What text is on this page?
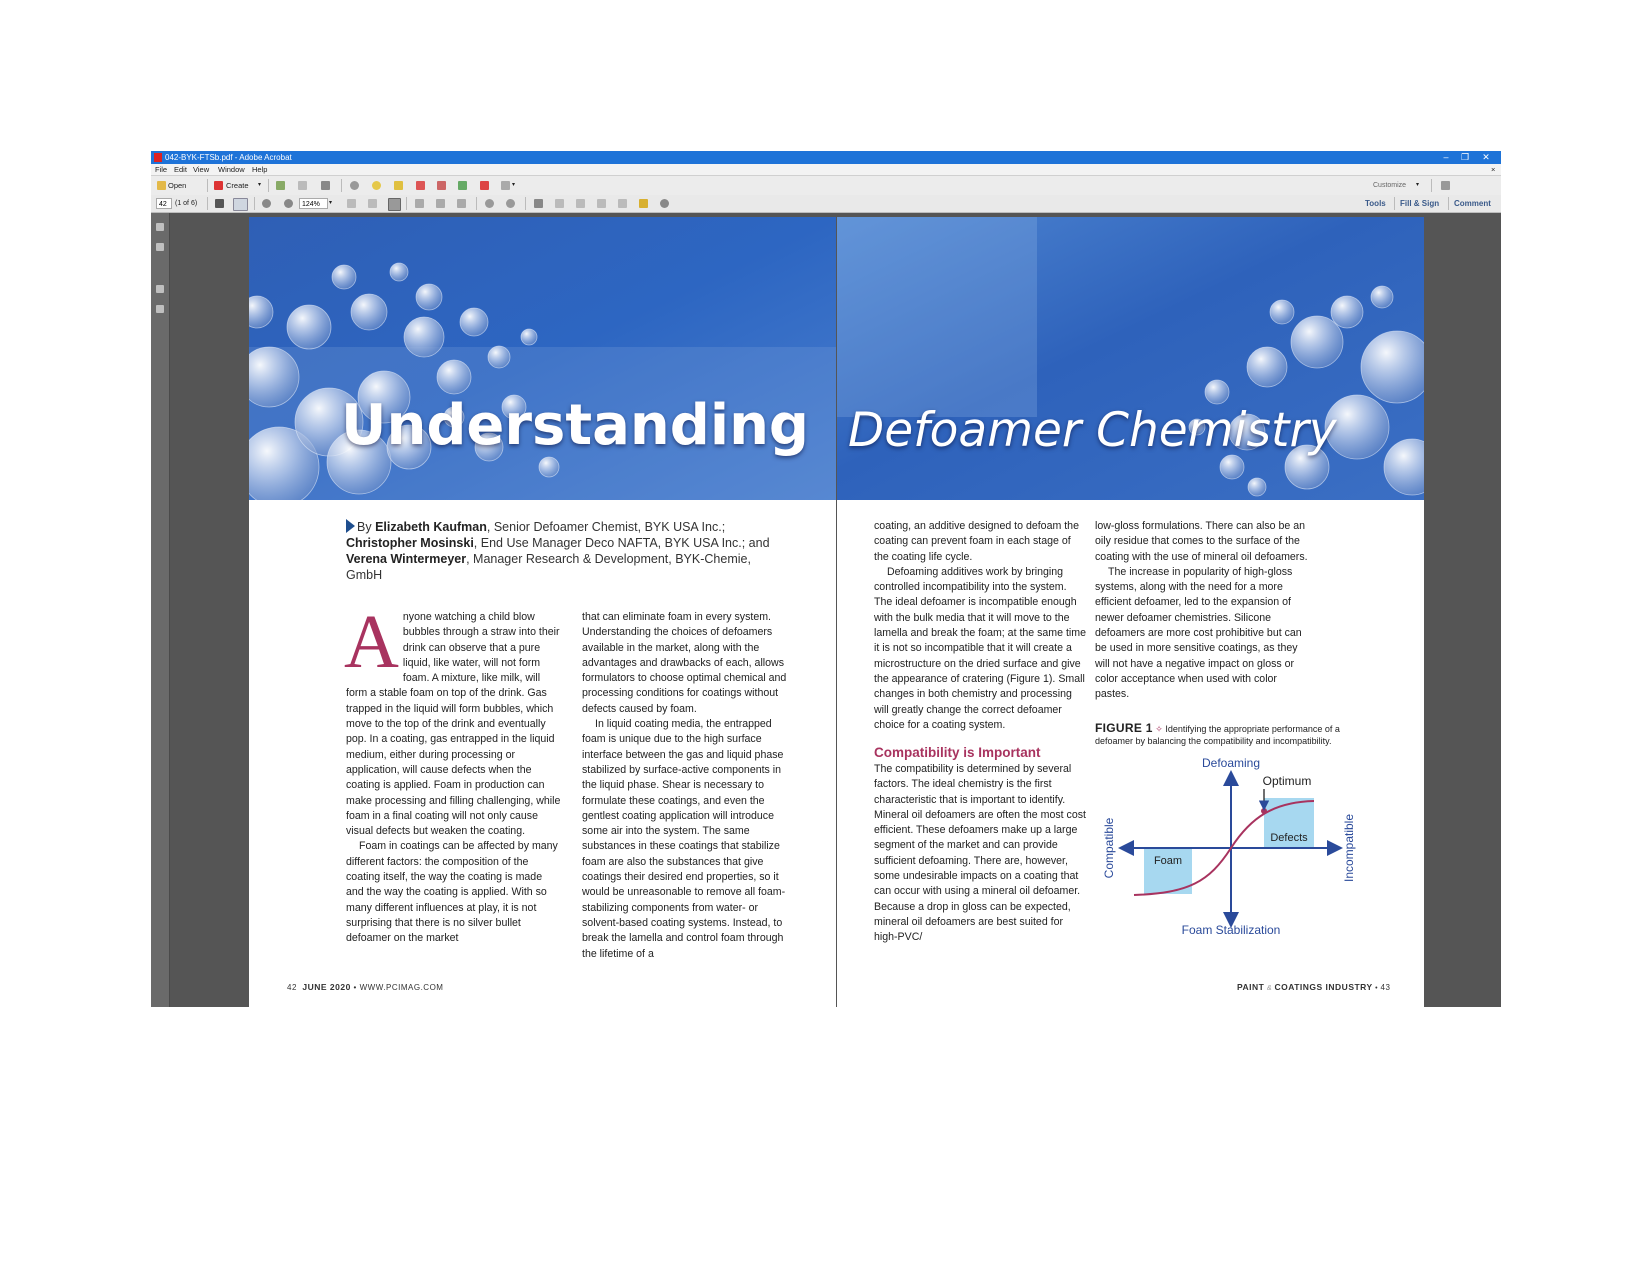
042-BYK-FTSb.pdf - Adobe Acrobat	–	❐	✕
File Edit View Window Help	×
Open	Create ▾	▾	Customize ▾
42	(1 of 6)	124%	▾	Tools Fill & Sign Comment
Understanding
By Elizabeth Kaufman, Senior Defoamer Chemist, BYK USA Inc.; Christopher Mosinski, End Use Manager Deco NAFTA, BYK USA Inc.; and Verena Wintermeyer, Manager Research & Development, BYK-Chemie, GmbH
A nyone watching a child blow bubbles through a straw into their drink can observe that a pure liquid, like water, will not form foam. A mixture, like milk, will form a stable foam on top of the drink. Gas trapped in the liquid will form bubbles, which move to the top of the drink and eventually pop. In a coating, gas entrapped in the liquid medium, either during processing or application, will cause defects when the coating is applied. Foam in production can make processing and filling challenging, while foam in a final coating will not only cause visual defects but weaken the coating.

Foam in coatings can be affected by many different factors: the composition of the coating itself, the way the coating is made and the way the coating is applied. With so many different influences at play, it is not surprising that there is no silver bullet defoamer on the market

that can eliminate foam in every system. Understanding the choices of defoamers available in the market, along with the advantages and drawbacks of each, allows formulators to choose optimal chemical and processing conditions for coatings without defects caused by foam.

In liquid coating media, the entrapped foam is unique due to the high surface interface between the gas and liquid phase stabilized by surface-active components in the liquid phase. Shear is necessary to formulate these coatings, and even the gentlest coating application will introduce some air into the system. The same substances in these coatings that stabilize foam are also the substances that give coatings their desired end properties, so it would be unreasonable to remove all foam-stabilizing components from water- or solvent-based coating systems. Instead, to break the lamella and control foam through the lifetime of a

42 JUNE 2020 • WWW.PCIMAG.COM
Defoamer Chemistry

coating, an additive designed to defoam the coating can prevent foam in each stage of the coating life cycle.

Defoaming additives work by bringing controlled incompatibility into the system. The ideal defoamer is incompatible enough with the bulk media that it will move to the lamella and break the foam; at the same time it is not so incompatible that it will create a microstructure on the dried surface and give the appearance of cratering (Figure 1). Small changes in both chemistry and processing will greatly change the correct defoamer choice for a coating system.

Compatibility is Important

The compatibility is determined by several factors. The ideal chemistry is the first characteristic that is important to identify. Mineral oil defoamers are often the most cost efficient. These defoamers make up a large segment of the market and can provide sufficient defoaming. There are, however, some undesirable impacts on a coating that can occur with using a mineral oil defoamer. Because a drop in gloss can be expected, mineral oil defoamers are best suited for high-PVC/

low-gloss formulations. There can also be an oily residue that comes to the surface of the coating with the use of mineral oil defoamers.

The increase in popularity of high-gloss systems, along with the need for a more efficient defoamer, led to the expansion of newer defoamer chemistries. Silicone defoamers are more cost prohibitive but can be used in more sensitive coatings, as they will not have a negative impact on gloss or color acceptance when used with color pastes.

FIGURE 1 ✧ Identifying the appropriate performance of a defoamer by balancing the compatibility and incompatibility.
Defoaming
Foam Stabilization
Compatible	Incompatible
Foam
Defects
Optimum
PAINT & COATINGS INDUSTRY • 43
